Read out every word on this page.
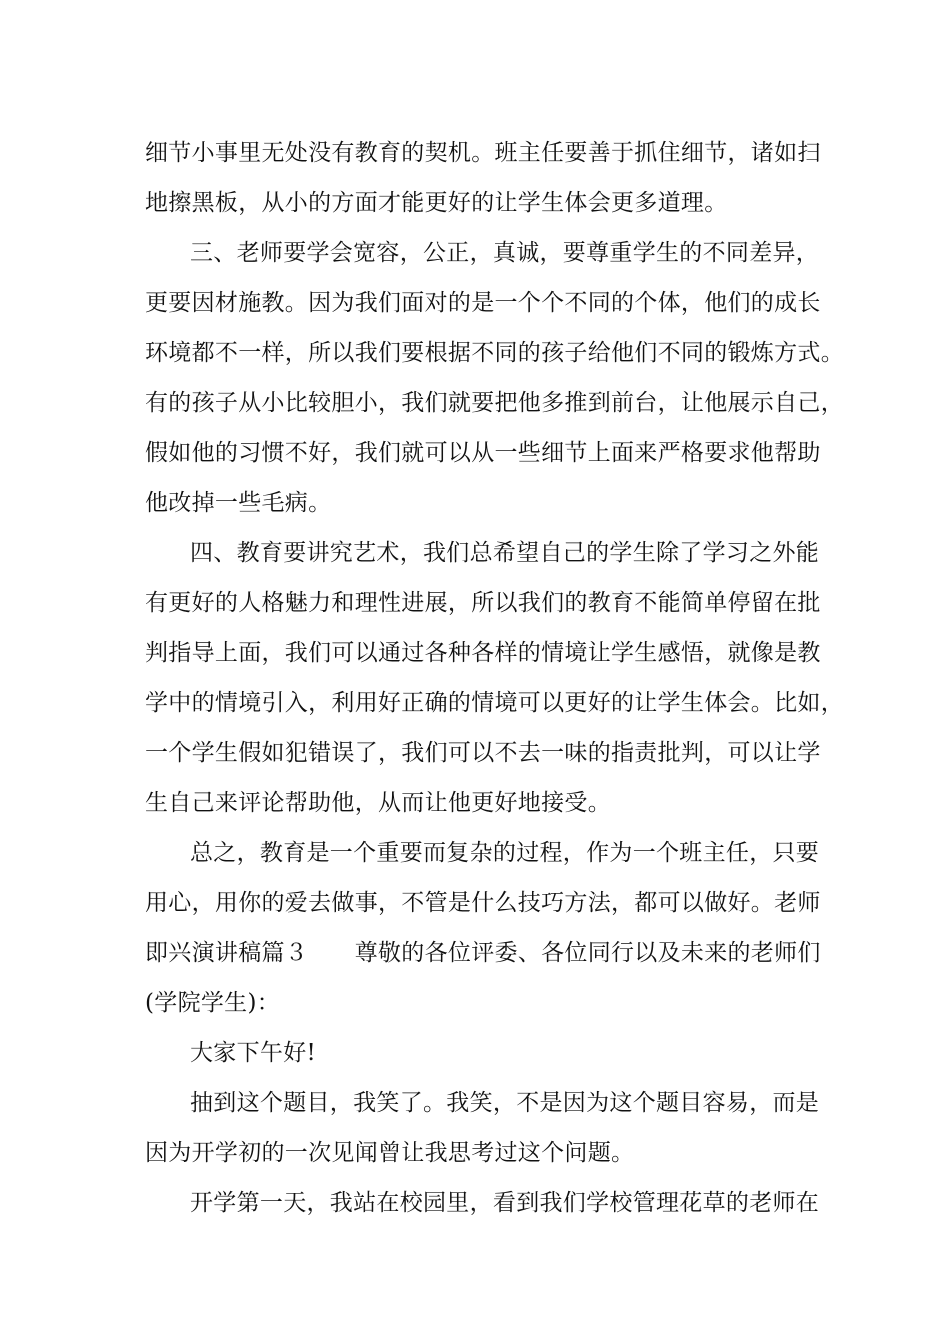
细节小事里无处没有教育的契机。班主任要善于抓住细节，诸如扫
地擦黑板，从小的方面才能更好的让学生体会更多道理。
三、老师要学会宽容，公正，真诚，要尊重学生的不同差异，
更要因材施教。因为我们面对的是一个个不同的个体，他们的成长
环境都不一样，所以我们要根据不同的孩子给他们不同的锻炼方式。
有的孩子从小比较胆小，我们就要把他多推到前台，让他展示自己，
假如他的习惯不好，我们就可以从一些细节上面来严格要求他帮助
他改掉一些毛病。
四、教育要讲究艺术，我们总希望自己的学生除了学习之外能
有更好的人格魅力和理性进展，所以我们的教育不能简单停留在批
判指导上面，我们可以通过各种各样的情境让学生感悟，就像是教
学中的情境引入，利用好正确的情境可以更好的让学生体会。比如，
一个学生假如犯错误了，我们可以不去一味的指责批判，可以让学
生自己来评论帮助他，从而让他更好地接受。
总之，教育是一个重要而复杂的过程，作为一个班主任，只要
用心，用你的爱去做事，不管是什么技巧方法，都可以做好。老师
即兴演讲稿篇３　　尊敬的各位评委、各位同行以及未来的老师们
(学院学生)：
大家下午好!
抽到这个题目，我笑了。我笑，不是因为这个题目容易，而是
因为开学初的一次见闻曾让我思考过这个问题。
开学第一天，我站在校园里，看到我们学校管理花草的老师在
